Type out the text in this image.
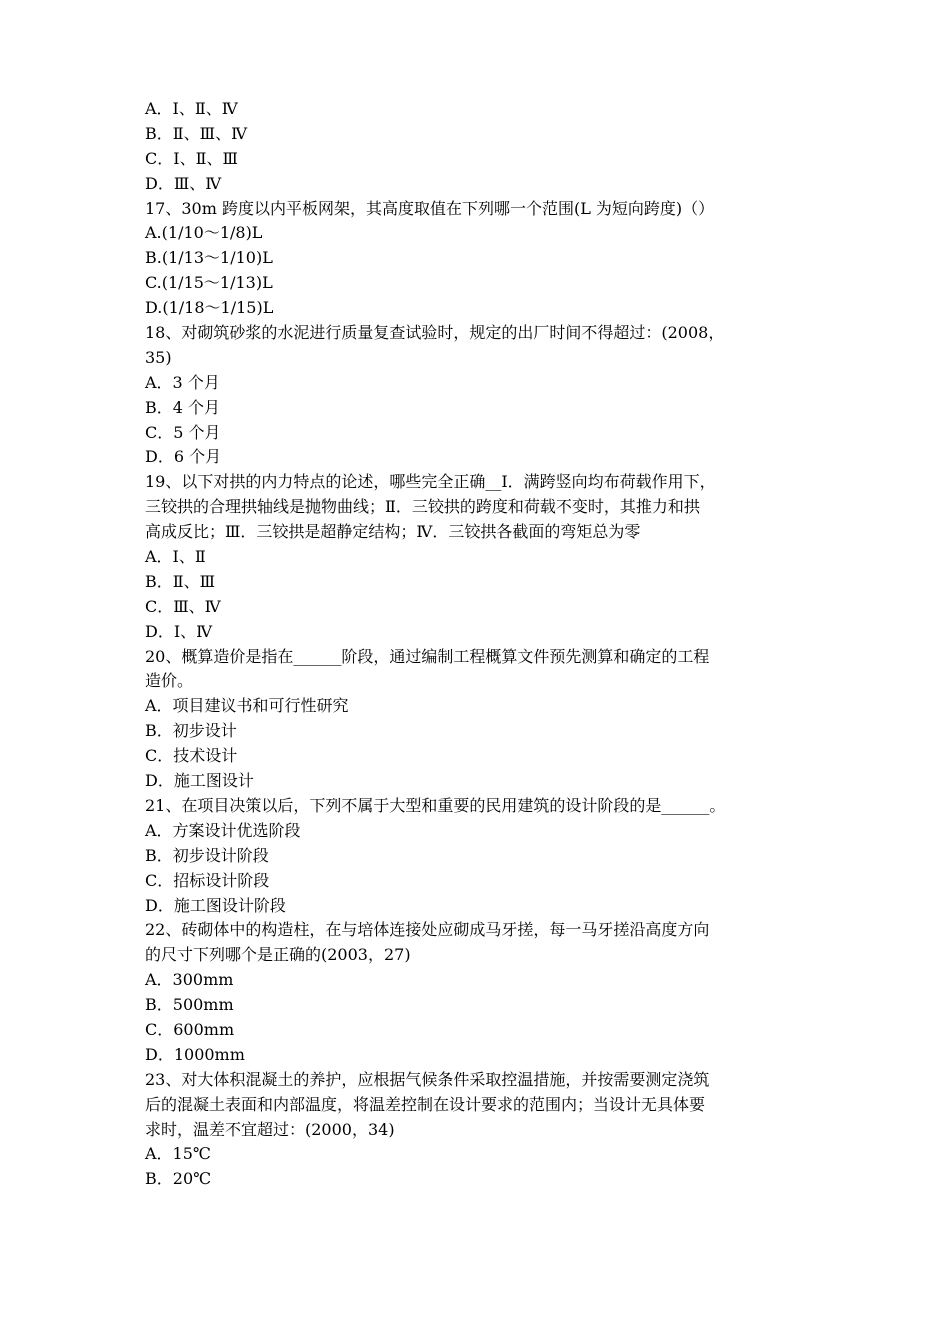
A．Ⅰ、Ⅱ、Ⅳ
B．Ⅱ、Ⅲ、Ⅳ
C．Ⅰ、Ⅱ、Ⅲ
D．Ⅲ、Ⅳ
17、30m 跨度以内平板网架，其高度取值在下列哪一个范围(L 为短向跨度)（）
A.(1/10～1/8)L
B.(1/13～1/10)L
C.(1/15～1/13)L
D.(1/18～1/15)L
18、对砌筑砂浆的水泥进行质量复查试验时，规定的出厂时间不得超过：(2008，
35)
A．3 个月
B．4 个月
C．5 个月
D．6 个月
19、以下对拱的内力特点的论述，哪些完全正确__Ⅰ．满跨竖向均布荷载作用下，
三铰拱的合理拱轴线是抛物曲线；Ⅱ．三铰拱的跨度和荷载不变时，其推力和拱
高成反比；Ⅲ．三铰拱是超静定结构；Ⅳ．三铰拱各截面的弯矩总为零
A．Ⅰ、Ⅱ
B．Ⅱ、Ⅲ
C．Ⅲ、Ⅳ
D．Ⅰ、Ⅳ
20、概算造价是指在______阶段，通过编制工程概算文件预先测算和确定的工程
造价。
A．项目建议书和可行性研究
B．初步设计
C．技术设计
D．施工图设计
21、在项目决策以后，下列不属于大型和重要的民用建筑的设计阶段的是______。
A．方案设计优选阶段
B．初步设计阶段
C．招标设计阶段
D．施工图设计阶段
22、砖砌体中的构造柱，在与培体连接处应砌成马牙搓，每一马牙搓沿高度方向
的尺寸下列哪个是正确的(2003，27)
A．300mm
B．500mm
C．600mm
D．1000mm
23、对大体积混凝土的养护，应根据气候条件采取控温措施，并按需要测定浇筑
后的混凝土表面和内部温度，将温差控制在设计要求的范围内；当设计无具体要
求时，温差不宜超过：(2000，34)
A．15℃
B．20℃
